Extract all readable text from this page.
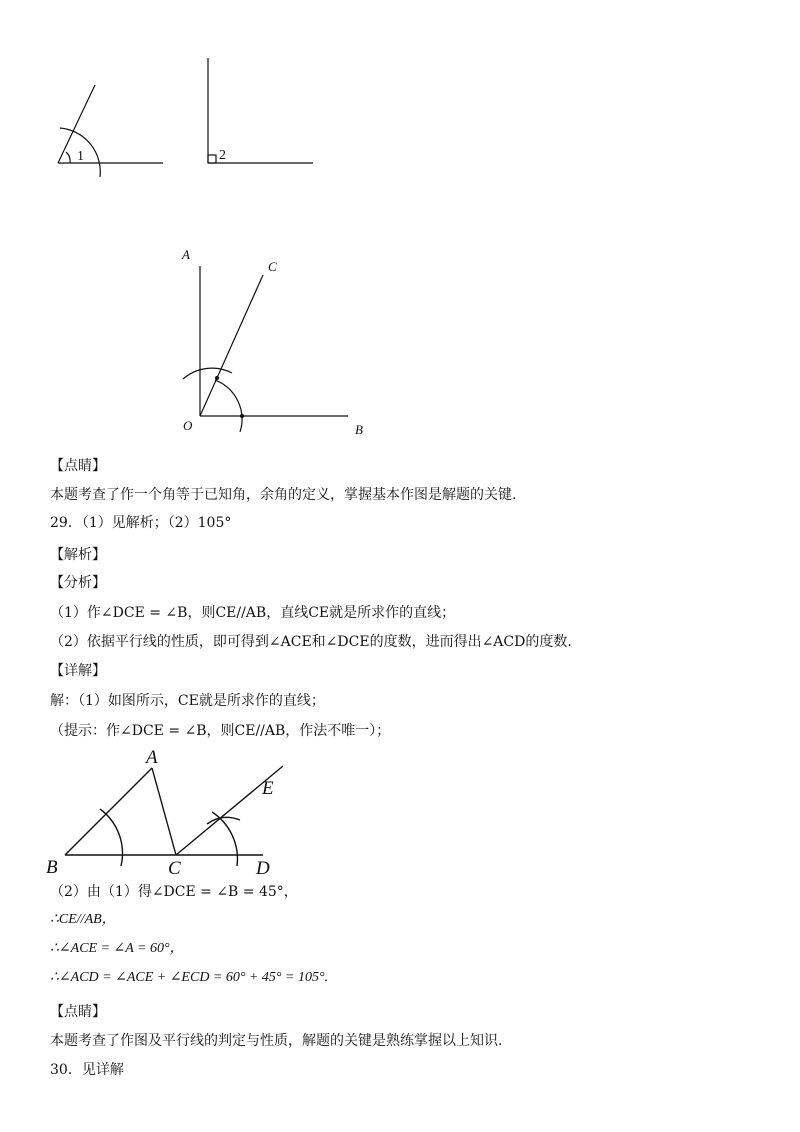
1	2
A
C
O	B
A
E
B	C	D
【点睛】
本题考查了作一个角等于已知角，余角的定义，掌握基本作图是解题的关键.
29．（1）见解析；（2）105°
【解析】
【分析】
（1）作∠DCE = ∠B，则CE//AB，直线CE就是所求作的直线；
（2）依据平行线的性质，即可得到∠ACE和∠DCE的度数，进而得出∠ACD的度数.
【详解】
解：（1）如图所示，CE就是所求作的直线；
（提示：作∠DCE = ∠B，则CE//AB，作法不唯一）；
（2）由（1）得∠DCE = ∠B = 45°，
∴CE//AB，
∴∠ACE = ∠A = 60°，
∴∠ACD = ∠ACE + ∠ECD = 60° + 45° = 105°.
【点睛】
本题考查了作图及平行线的判定与性质，解题的关键是熟练掌握以上知识.
30．见详解
